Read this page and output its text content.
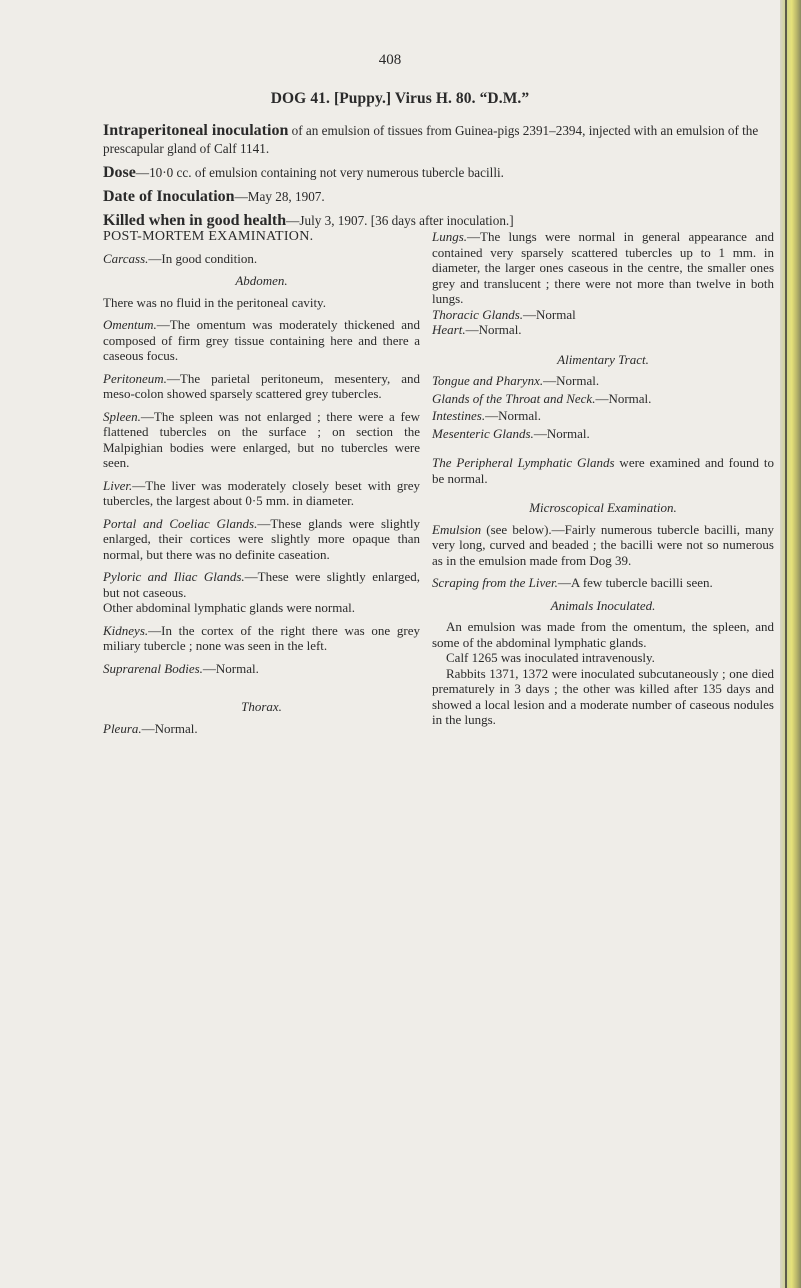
408
DOG 41. [Puppy.] Virus H. 80. “D.M.”

Intraperitoneal inoculation of an emulsion of tissues from Guinea-pigs 2391–2394, injected with an emulsion of the prescapular gland of Calf 1141.

Dose—10·0 cc. of emulsion containing not very numerous tubercle bacilli.

Date of Inoculation—May 28, 1907.

Killed when in good health—July 3, 1907. [36 days after inoculation.]

POST-MORTEM EXAMINATION.

Carcass.—In good condition.

Abdomen.

There was no fluid in the peritoneal cavity.

Omentum.—The omentum was moderately thickened and composed of firm grey tissue containing here and there a caseous focus.

Peritoneum.—The parietal peritoneum, mesentery, and meso-colon showed sparsely scattered grey tubercles.

Spleen.—The spleen was not enlarged ; there were a few flattened tubercles on the surface ; on section the Malpighian bodies were enlarged, but no tubercles were seen.

Liver.—The liver was moderately closely beset with grey tubercles, the largest about 0·5 mm. in diameter.

Portal and Coeliac Glands.—These glands were slightly enlarged, their cortices were slightly more opaque than normal, but there was no definite caseation.

Pyloric and Iliac Glands.—These were slightly enlarged, but not caseous.

Other abdominal lymphatic glands were normal.

Kidneys.—In the cortex of the right there was one grey miliary tubercle ; none was seen in the left.

Suprarenal Bodies.—Normal.

Thorax.

Pleura.—Normal.

Lungs.—The lungs were normal in general appearance and contained very sparsely scattered tubercles up to 1 mm. in diameter, the larger ones caseous in the centre, the smaller ones grey and translucent ; there were not more than twelve in both lungs.

Thoracic Glands.—Normal

Heart.—Normal.

Alimentary Tract.

Tongue and Pharynx.—Normal.

Glands of the Throat and Neck.—Normal.

Intestines.—Normal.

Mesenteric Glands.—Normal.

The Peripheral Lymphatic Glands were examined and found to be normal.

Microscopical Examination.

Emulsion (see below).—Fairly numerous tubercle bacilli, many very long, curved and beaded ; the bacilli were not so numerous as in the emulsion made from Dog 39.

Scraping from the Liver.—A few tubercle bacilli seen.

Animals Inoculated.

An emulsion was made from the omentum, the spleen, and some of the abdominal lymphatic glands.

Calf 1265 was inoculated intravenously.

Rabbits 1371, 1372 were inoculated subcutaneously ; one died prematurely in 3 days ; the other was killed after 135 days and showed a local lesion and a moderate number of caseous nodules in the lungs.
